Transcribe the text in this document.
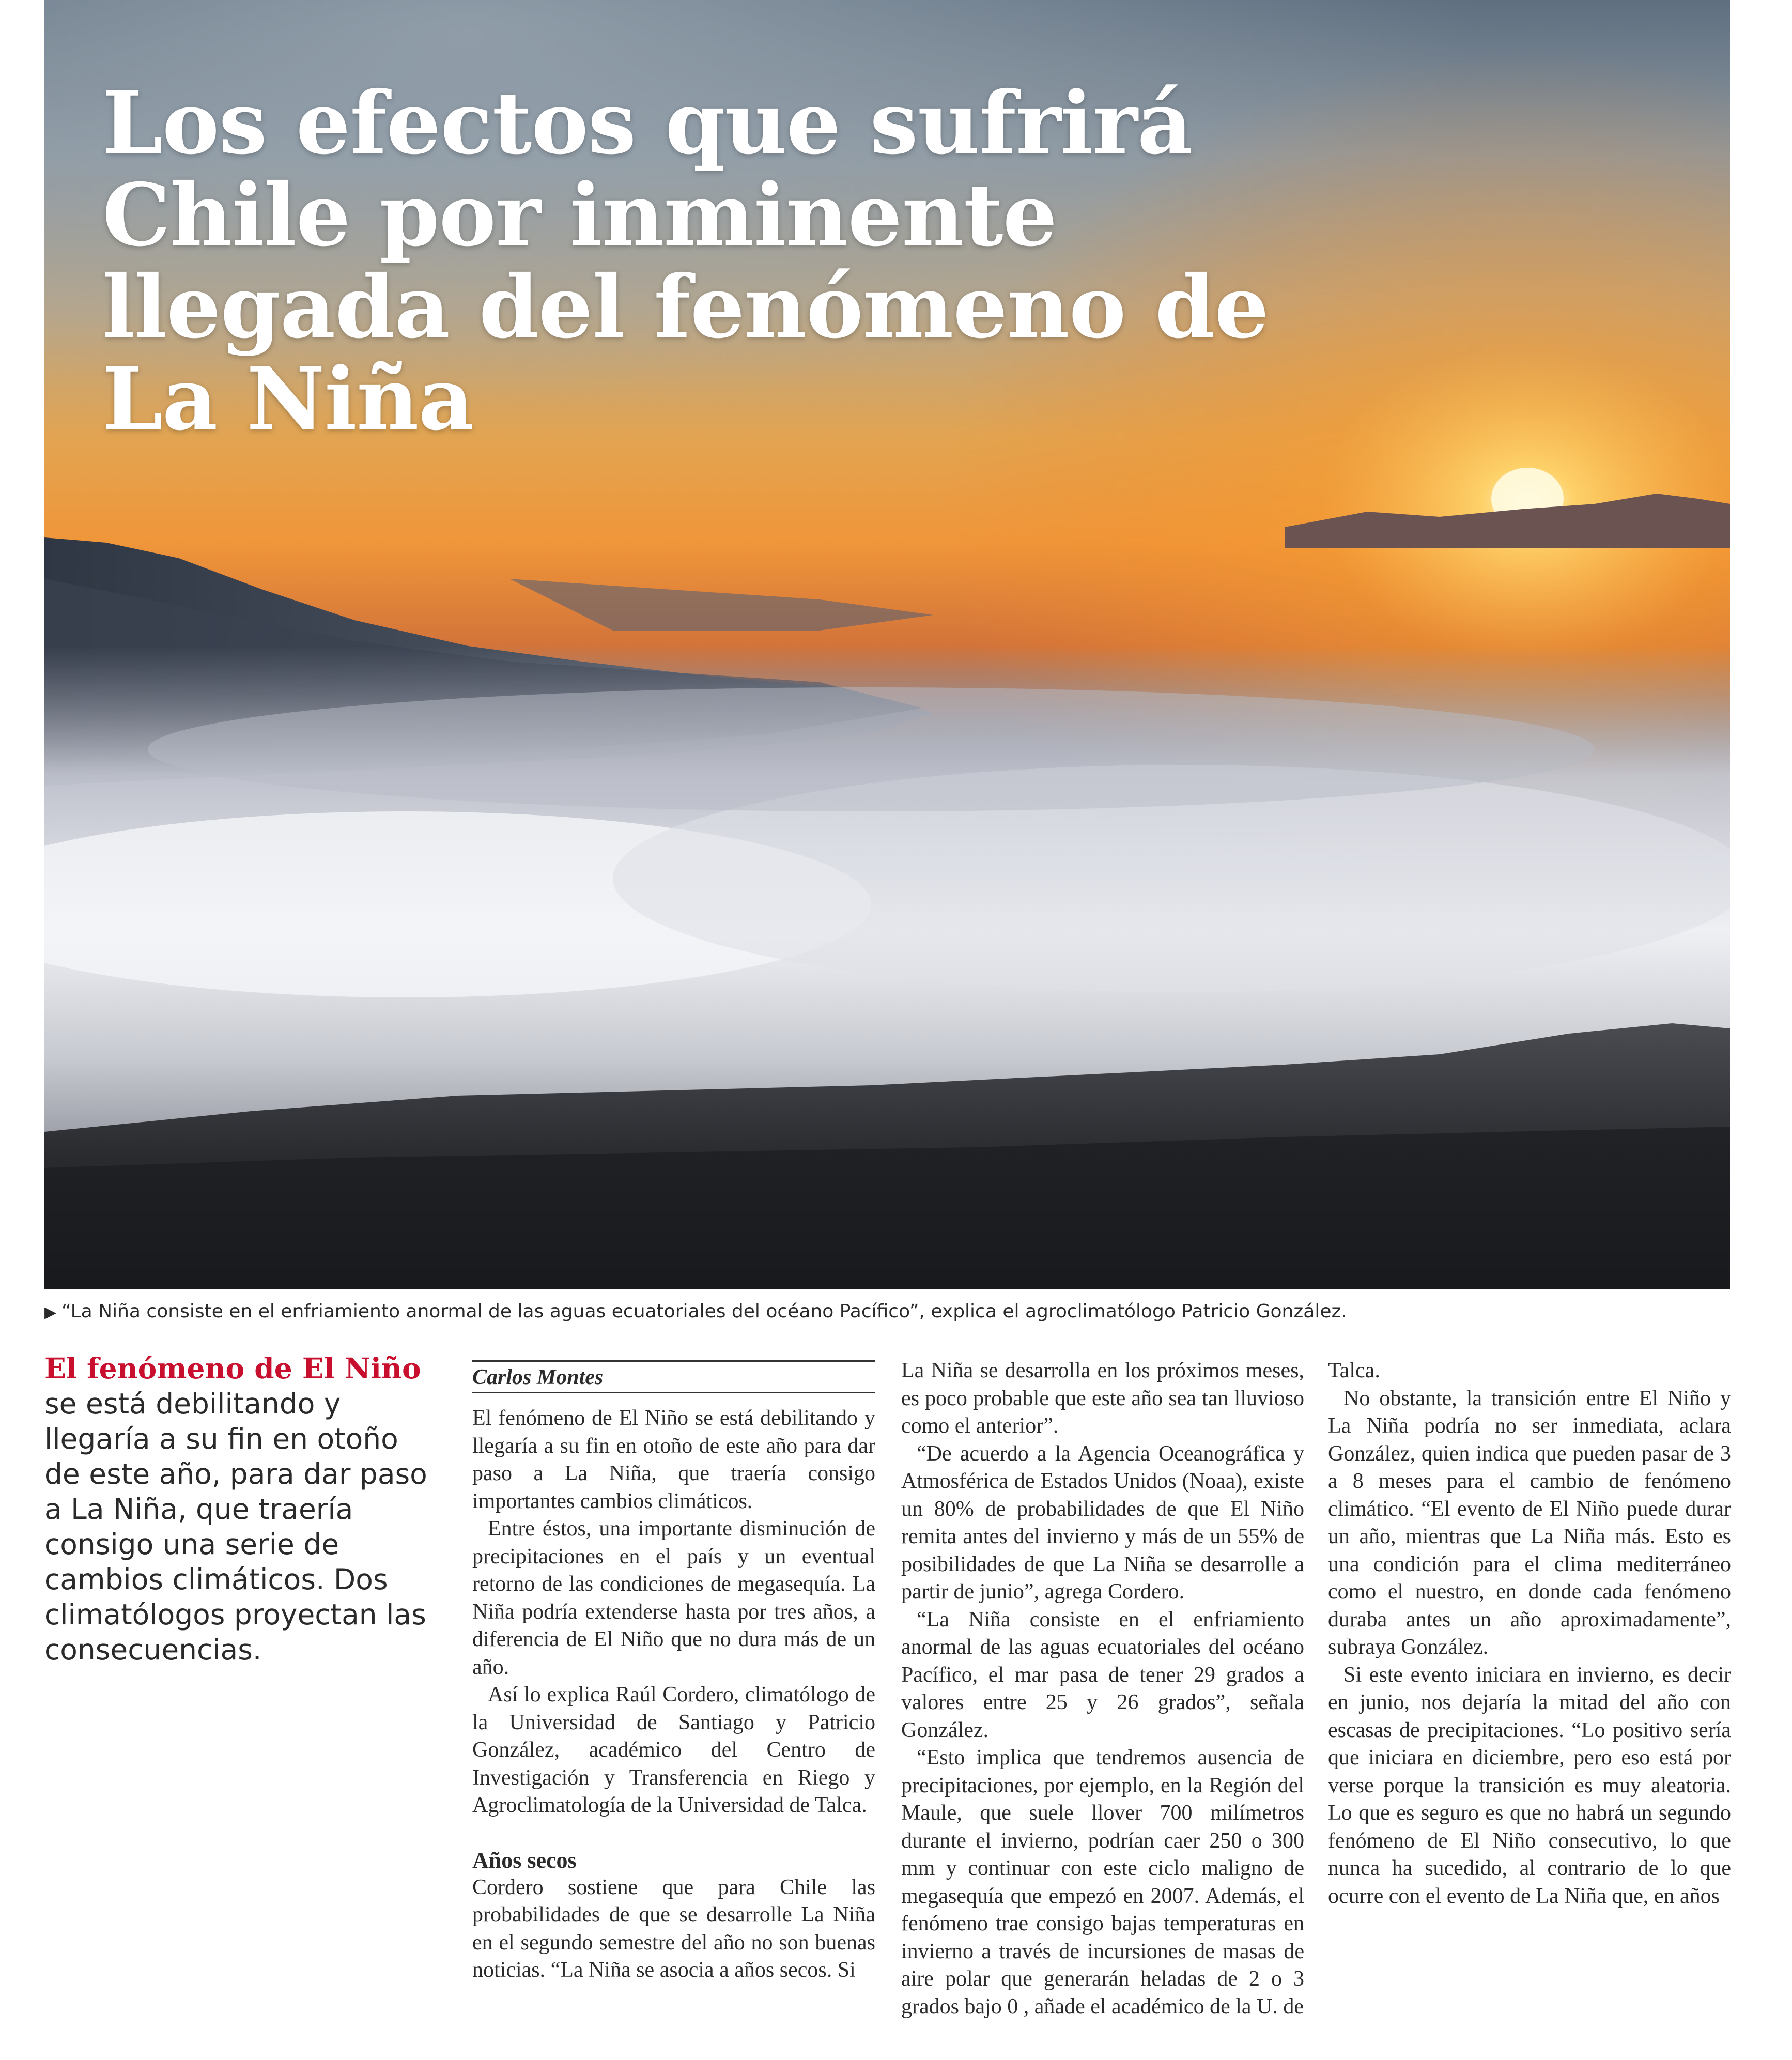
Los efectos que sufrirá Chile por inminente llegada del fenómeno de La Niña
▶ “La Niña consiste en el enfriamiento anormal de las aguas ecuatoriales del océano Pacífico”, explica el agroclimatólogo Patricio González.

El fenómeno de El Niño se está debilitando y llegaría a su fin en otoño de este año, para dar paso a La Niña, que traería consigo una serie de cambios climáticos. Dos climatólogos proyectan las consecuencias.

Carlos Montes

El fenómeno de El Niño se está debilitando y llegaría a su fin en otoño de este año para dar paso a La Niña, que traería consigo importantes cambios climáticos.

Entre éstos, una importante disminución de precipitaciones en el país y un eventual retorno de las condiciones de megasequía. La Niña podría extenderse hasta por tres años, a diferencia de El Niño que no dura más de un año.

Así lo explica Raúl Cordero, climatólogo de la Universidad de Santiago y Patricio González, académico del Centro de Investigación y Transferencia en Riego y Agroclimatología de la Universidad de Talca.

Años secos

Cordero sostiene que para Chile las probabilidades de que se desarrolle La Niña en el segundo semestre del año no son buenas noticias. “La Niña se asocia a años secos. Si

La Niña se desarrolla en los próximos meses, es poco probable que este año sea tan lluvioso como el anterior”.

“De acuerdo a la Agencia Oceanográfica y Atmosférica de Estados Unidos (Noaa), existe un 80% de probabilidades de que El Niño remita antes del invierno y más de un 55% de posibilidades de que La Niña se desarrolle a partir de junio”, agrega Cordero.

“La Niña consiste en el enfriamiento anormal de las aguas ecuatoriales del océano Pacífico, el mar pasa de tener 29 grados a valores entre 25 y 26 grados”, señala González.

“Esto implica que tendremos ausencia de precipitaciones, por ejemplo, en la Región del Maule, que suele llover 700 milímetros durante el invierno, podrían caer 250 o 300 mm y continuar con este ciclo maligno de megasequía que empezó en 2007. Además, el fenómeno trae consigo bajas temperaturas en invierno a través de incursiones de masas de aire polar que generarán heladas de 2 o 3 grados bajo 0 , añade el académico de la U. de

Talca.

No obstante, la transición entre El Niño y La Niña podría no ser inmediata, aclara González, quien indica que pueden pasar de 3 a 8 meses para el cambio de fenómeno climático. “El evento de El Niño puede durar un año, mientras que La Niña más. Esto es una condición para el clima mediterráneo como el nuestro, en donde cada fenómeno duraba antes un año aproximadamente”, subraya González.

Si este evento iniciara en invierno, es decir en junio, nos dejaría la mitad del año con escasas de precipitaciones. “Lo positivo sería que iniciara en diciembre, pero eso está por verse porque la transición es muy aleatoria. Lo que es seguro es que no habrá un segundo fenómeno de El Niño consecutivo, lo que nunca ha sucedido, al contrario de lo que ocurre con el evento de La Niña que, en años
